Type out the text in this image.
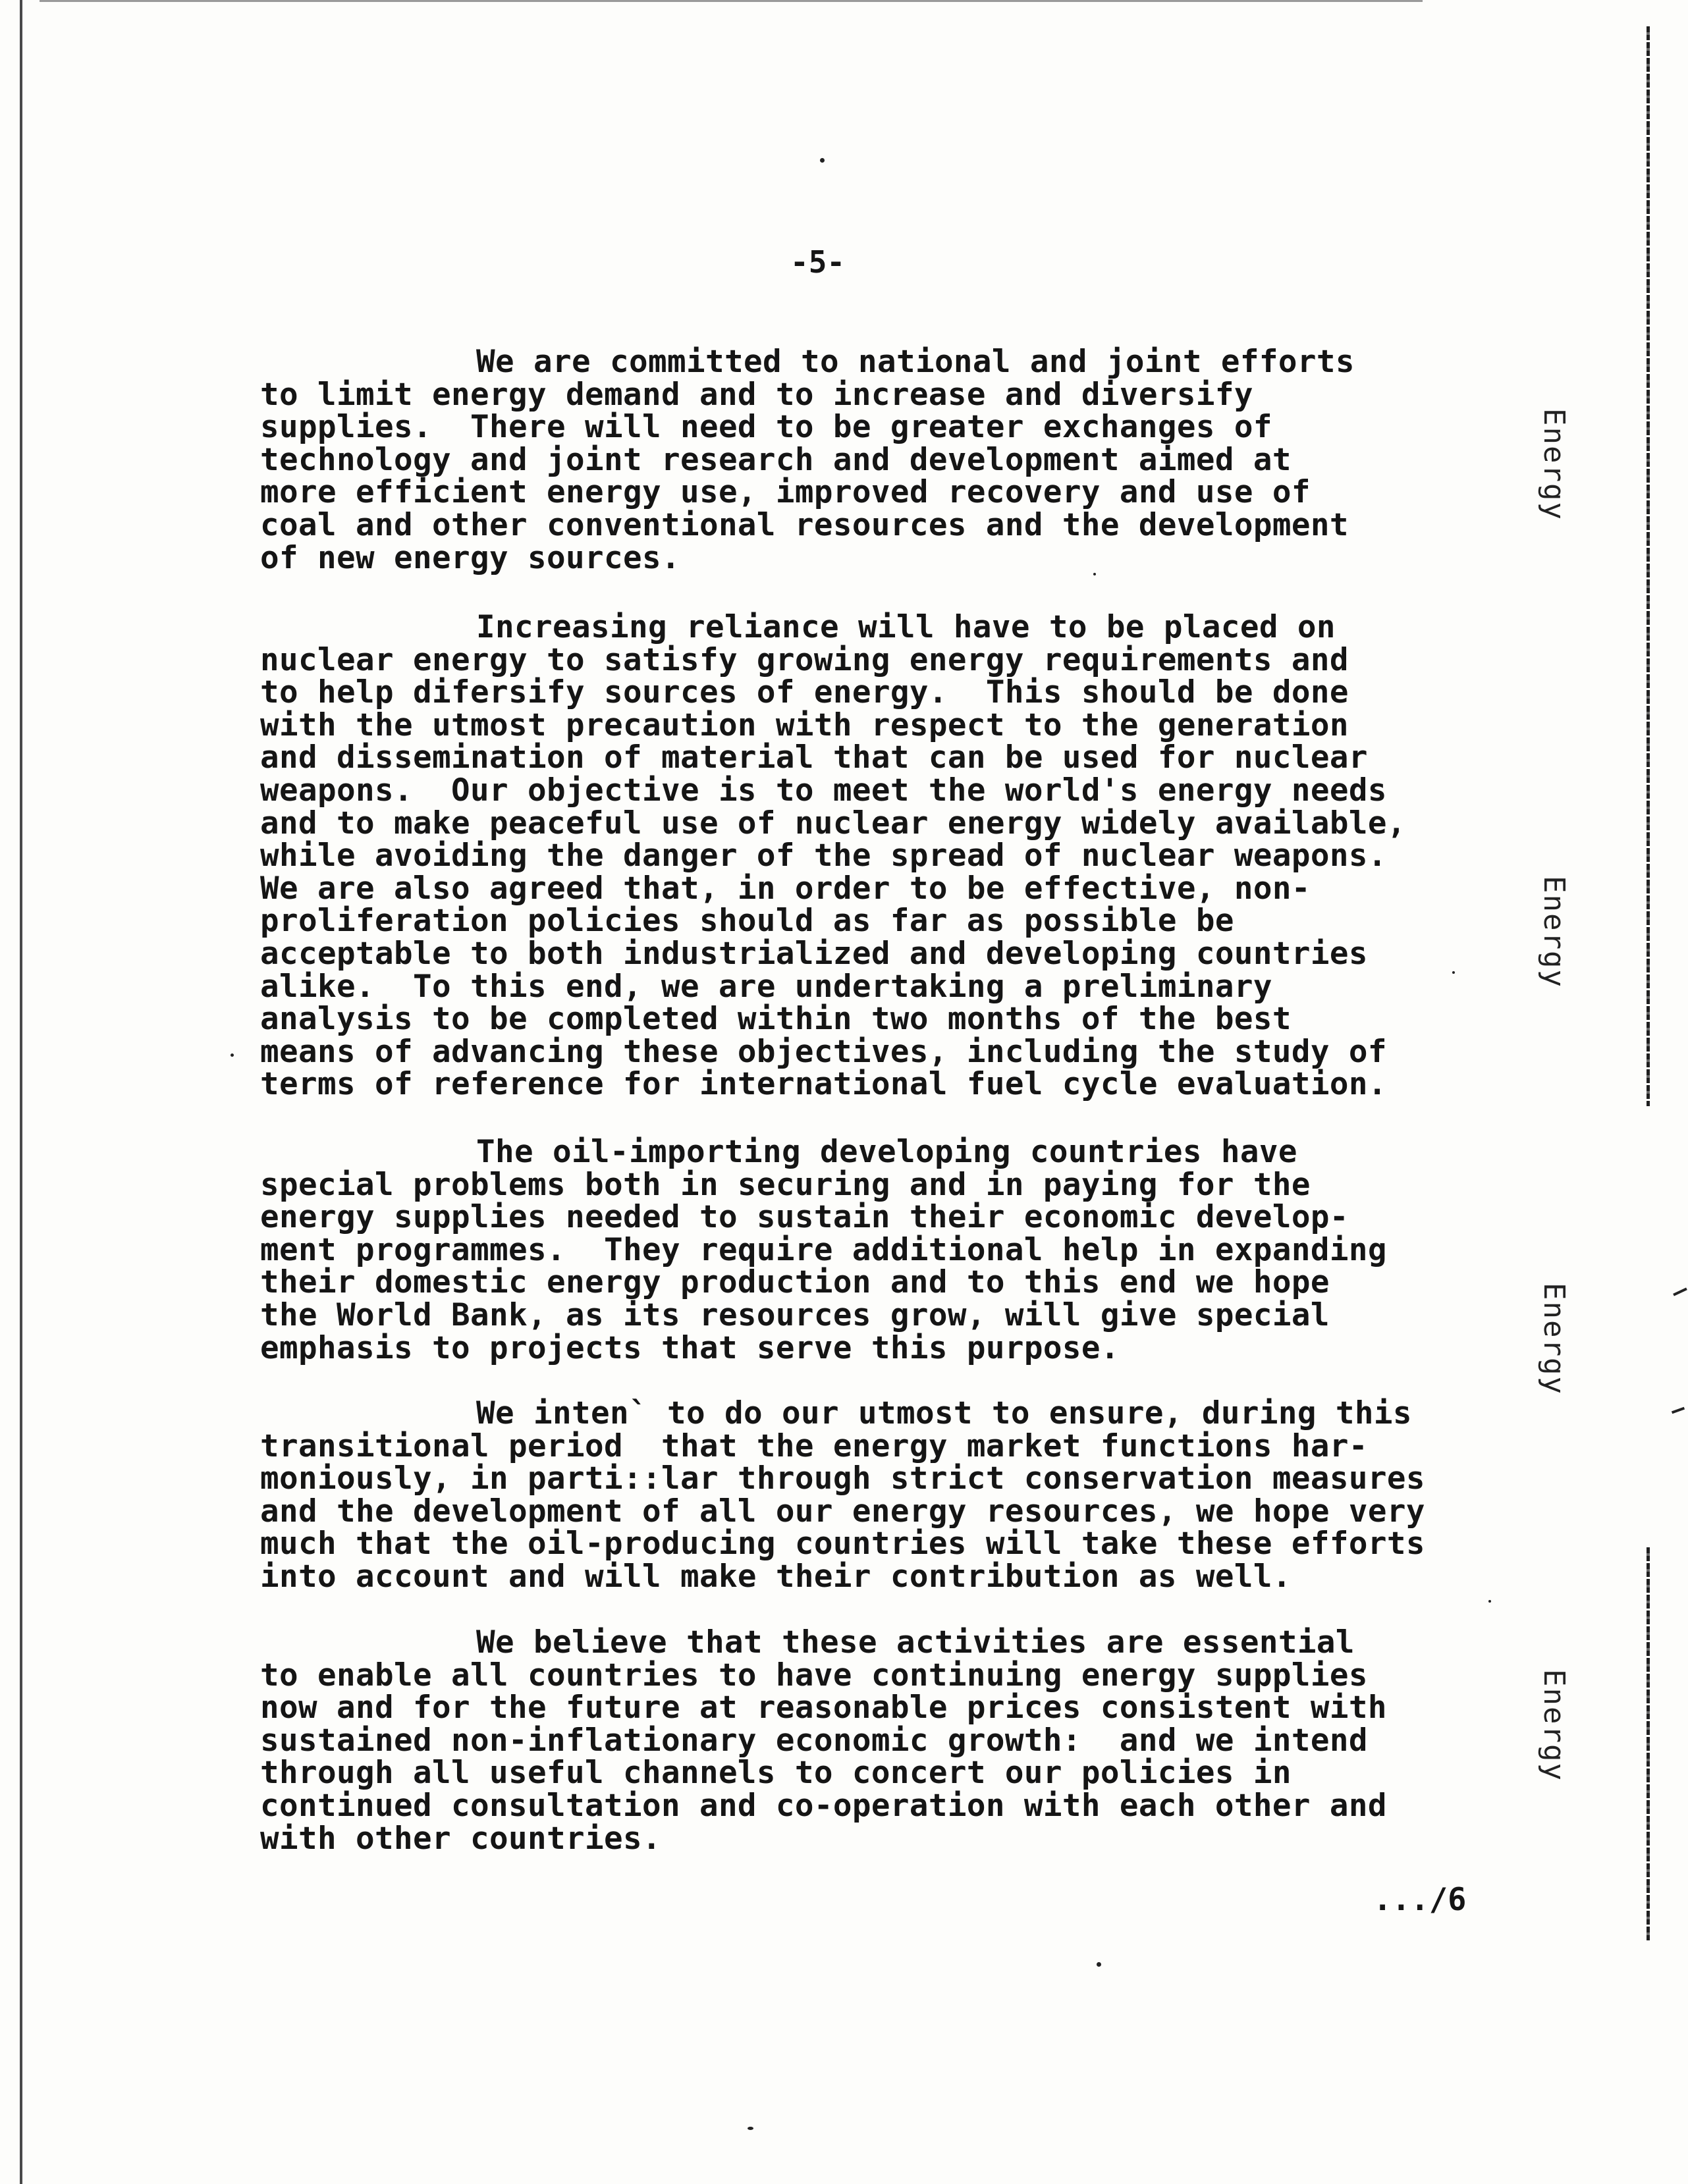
-5-
We are committed to national and joint efforts
to limit energy demand and to increase and diversify
supplies.  There will need to be greater exchanges of
technology and joint research and development aimed at
more efficient energy use, improved recovery and use of
coal and other conventional resources and the development
of new energy sources.
Increasing reliance will have to be placed on
nuclear energy to satisfy growing energy requirements and
to help difersify sources of energy.  This should be done
with the utmost precaution with respect to the generation
and dissemination of material that can be used for nuclear
weapons.  Our objective is to meet the world's energy needs
and to make peaceful use of nuclear energy widely available,
while avoiding the danger of the spread of nuclear weapons.
We are also agreed that, in order to be effective, non-
proliferation policies should as far as possible be
acceptable to both industrialized and developing countries
alike.  To this end, we are undertaking a preliminary
analysis to be completed within two months of the best
means of advancing these objectives, including the study of
terms of reference for international fuel cycle evaluation.
The oil-importing developing countries have
special problems both in securing and in paying for the
energy supplies needed to sustain their economic develop-
ment programmes.  They require additional help in expanding
their domestic energy production and to this end we hope
the World Bank, as its resources grow, will give special
emphasis to projects that serve this purpose.
We inten` to do our utmost to ensure, during this
transitional period  that the energy market functions har-
moniously, in parti::lar through strict conservation measures
and the development of all our energy resources, we hope very
much that the oil-producing countries will take these efforts
into account and will make their contribution as well.
We believe that these activities are essential
to enable all countries to have continuing energy supplies
now and for the future at reasonable prices consistent with
sustained non-inflationary economic growth:  and we intend
through all useful channels to concert our policies in
continued consultation and co-operation with each other and
with other countries.
Energy
Energy
Energy
Energy
.../6
